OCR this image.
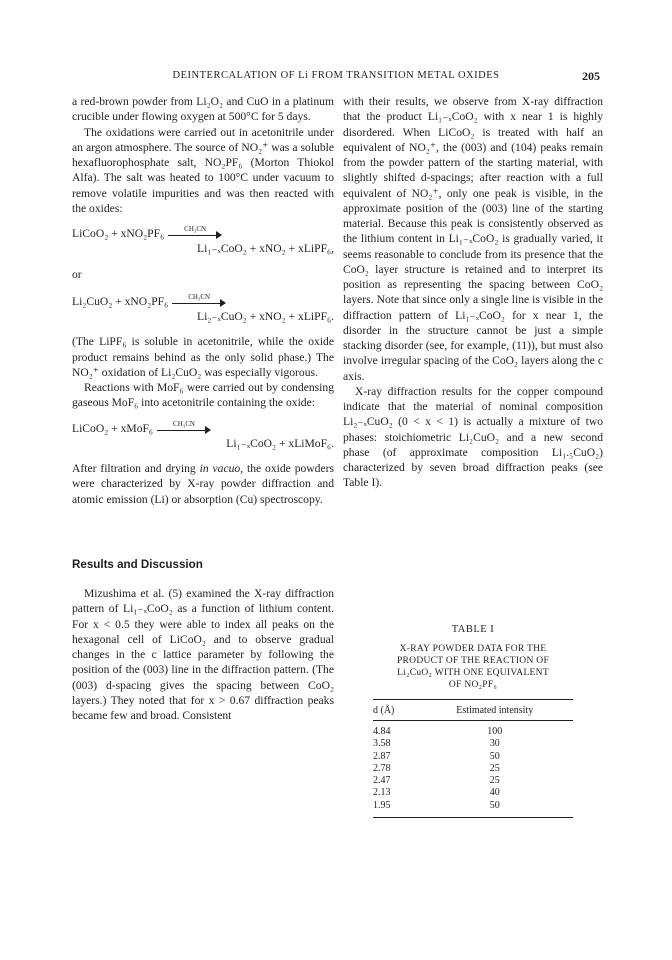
DEINTERCALATION OF Li FROM TRANSITION METAL OXIDES	205

a red-brown powder from Li₂O₂ and CuO in a platinum crucible under flowing oxygen at 500°C for 5 days.

The oxidations were carried out in acetonitrile under an argon atmosphere. The source of NO₂⁺ was a soluble hexafluorophosphate salt, NO₂PF₆ (Morton Thiokol Alfa). The salt was heated to 100°C under vacuum to remove volatile impurities and was then reacted with the oxides:

LiCoO₂ + xNO₂PF₆	CH₃CN
Li₁₋ₓCoO₂ + xNO₂ + xLiPF₆,

or

Li₂CuO₂ + xNO₂PF₆	CH₃CN
Li₂₋ₓCuO₂ + xNO₂ + xLiPF₆.

(The LiPF₆ is soluble in acetonitrile, while the oxide product remains behind as the only solid phase.) The NO₂⁺ oxidation of Li₂CuO₂ was especially vigorous.

Reactions with MoF₆ were carried out by condensing gaseous MoF₆ into acetonitrile containing the oxide:

LiCoO₂ + xMoF₆	CH₃CN
Li₁₋ₓCoO₂ + xLiMoF₆.

After filtration and drying in vacuo, the oxide powders were characterized by X-ray powder diffraction and atomic emission (Li) or absorption (Cu) spectroscopy.

Results and Discussion

Mizushima et al. (5) examined the X-ray diffraction pattern of Li₁₋ₓCoO₂ as a function of lithium content. For x < 0.5 they were able to index all peaks on the hexagonal cell of LiCoO₂ and to observe gradual changes in the c lattice parameter by following the position of the (003) line in the diffraction pattern. (The (003) d-spacing gives the spacing between CoO₂ layers.) They noted that for x > 0.67 diffraction peaks became few and broad. Consistent

with their results, we observe from X-ray diffraction that the product Li₁₋ₓCoO₂ with x near 1 is highly disordered. When LiCoO₂ is treated with half an equivalent of NO₂⁺, the (003) and (104) peaks remain from the powder pattern of the starting material, with slightly shifted d-spacings; after reaction with a full equivalent of NO₂⁺, only one peak is visible, in the approximate position of the (003) line of the starting material. Because this peak is consistently observed as the lithium content in Li₁₋ₓCoO₂ is gradually varied, it seems reasonable to conclude from its presence that the CoO₂ layer structure is retained and to interpret its position as representing the spacing between CoO₂ layers. Note that since only a single line is visible in the diffraction pattern of Li₁₋ₓCoO₂ for x near 1, the disorder in the structure cannot be just a simple stacking disorder (see, for example, (11)), but must also involve irregular spacing of the CoO₂ layers along the c axis.

X-ray diffraction results for the copper compound indicate that the material of nominal composition Li₂₋ₓCuO₂ (0 < x < 1) is actually a mixture of two phases: stoichiometric Li₂CuO₂ and a new second phase (of approximate composition Li₁.₅CuO₂) characterized by seven broad diffraction peaks (see Table I).

TABLE I
X-RAY POWDER DATA FOR THE
PRODUCT OF THE REACTION OF
Li₂CuO₂ WITH ONE EQUIVALENT
OF NO₂PF₆
d (Å)	Estimated intensity
4.84	100
3.58	30
2.87	50
2.78	25
2.47	25
2.13	40
1.95	50
